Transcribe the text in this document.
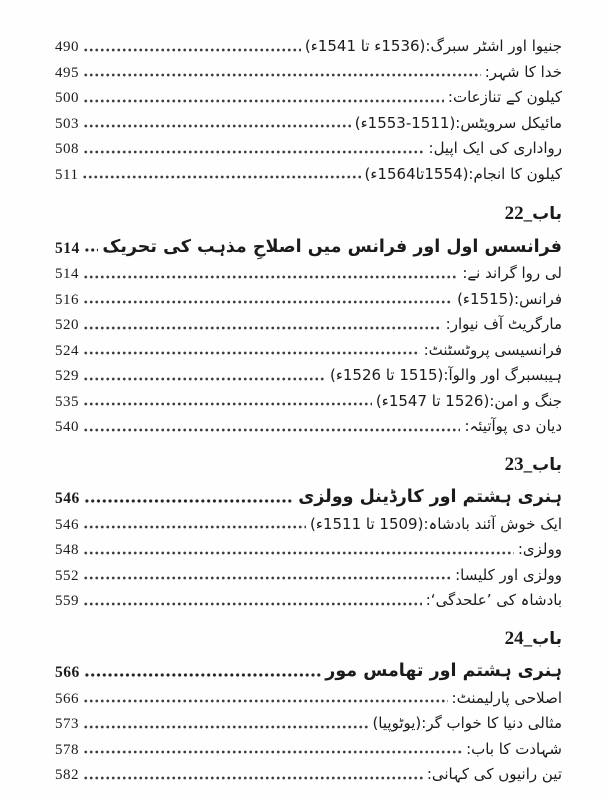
جنیوا اور اشٹر سبرگ:(1536ء تا 1541ء)
490
خدا کا شہر:
495
کیلون کے تنازعات:
500
مائیکل سرویٹس:(1511-1553ء)
503
رواداری کی ایک اپیل:
508
کیلون کا انجام:(1554تا1564ء)
511
باب_22
فرانسس اول اور فرانس میں اصلاحِ مذہب کی تحریک
514
لی روا گراند نے:
514
فرانس:(1515ء)
516
مارگریٹ آف نیوار:
520
فرانسیسی پروٹسٹنٹ:
524
ہیبسبرگ اور والوآ:(1515 تا 1526ء)
529
جنگ و امن:(1526 تا 1547ء)
535
دیان دی پوآتیئہ:
540
باب_23
ہنری ہشتم اور کارڈینل وولزی
546
ایک خوش آئند بادشاہ:(1509 تا 1511ء)
546
وولزی:
548
وولزی اور کلیسا:
552
بادشاہ کی ’علحدگی‘:
559
باب_24
ہنری ہشتم اور تھامس مور
566
اصلاحی پارلیمنٹ:
566
مثالی دنیا کا خواب گر:(یوٹوپیا)
573
شہادت کا باب:
578
تین رانیوں کی کہانی:
582
